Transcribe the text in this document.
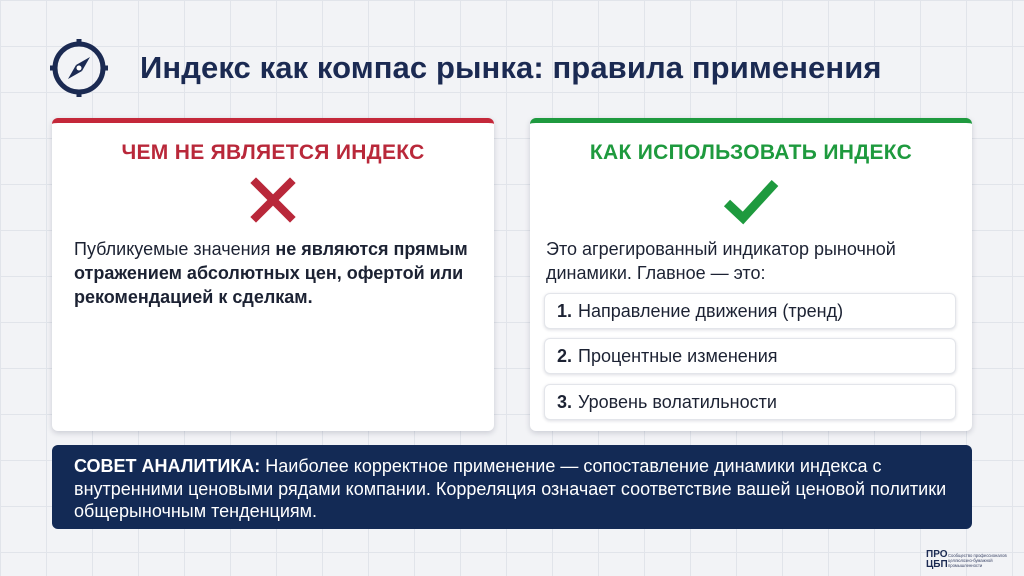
Индекс как компас рынка: правила применения
ЧЕМ НЕ ЯВЛЯЕТСЯ ИНДЕКС
Публикуемые значения не являются прямым отражением абсолютных цен, офертой или рекомендацией к сделкам.
КАК ИСПОЛЬЗОВАТЬ ИНДЕКС
Это агрегированный индикатор рыночной динамики. Главное — это:
1. Направление движения (тренд)
2. Процентные изменения
3. Уровень волатильности
СОВЕТ АНАЛИТИКА: Наиболее корректное применение — сопоставление динамики индекса с внутренними ценовыми рядами компании. Корреляция означает соответствие вашей ценовой политики общерыночным тенденциям.
ПРО
ЦБП
Сообщество профессионалов целлюлозно-бумажной промышленности
